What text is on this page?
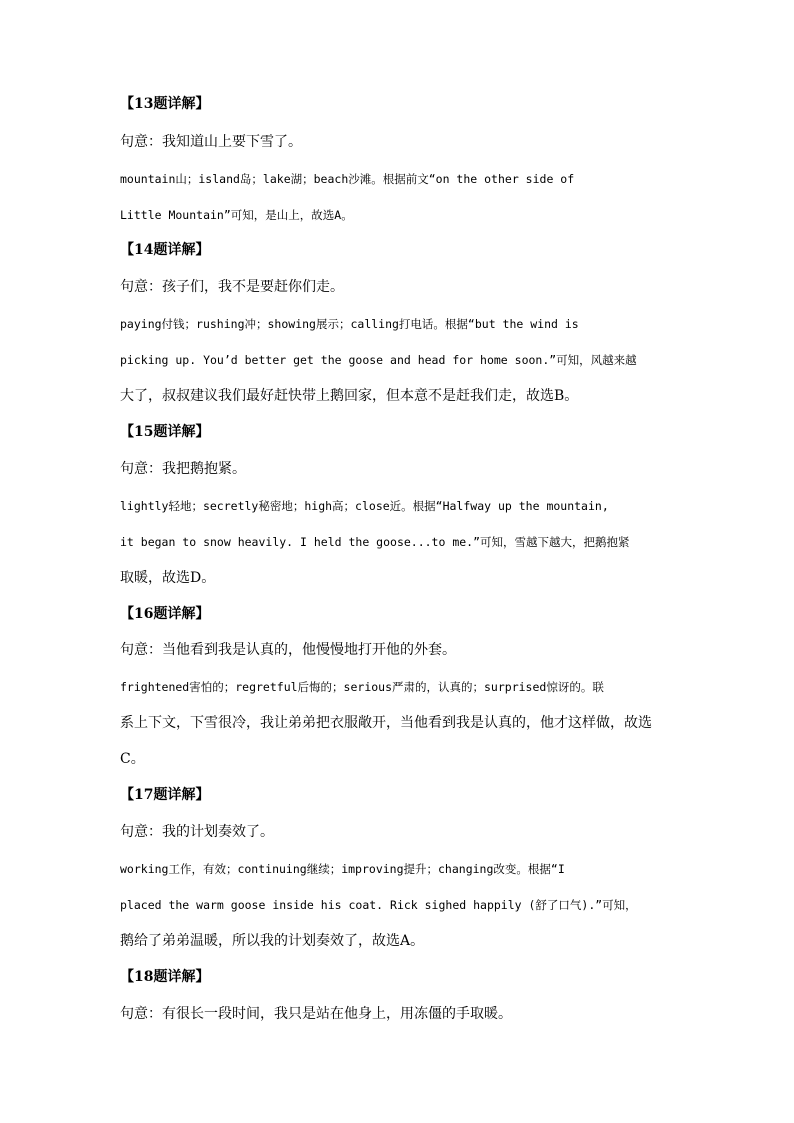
【13题详解】
句意：我知道山上要下雪了。
mountain山；island岛；lake湖；beach沙滩。根据前文“on the other side of
Little Mountain”可知，是山上，故选A。
【14题详解】
句意：孩子们，我不是要赶你们走。
paying付钱；rushing冲；showing展示；calling打电话。根据“but the wind is
picking up. You’d better get the goose and head for home soon.”可知，风越来越
大了，叔叔建议我们最好赶快带上鹅回家，但本意不是赶我们走，故选B。
【15题详解】
句意：我把鹅抱紧。
lightly轻地；secretly秘密地；high高；close近。根据“Halfway up the mountain,
it began to snow heavily. I held the goose...to me.”可知，雪越下越大，把鹅抱紧
取暖，故选D。
【16题详解】
句意：当他看到我是认真的，他慢慢地打开他的外套。
frightened害怕的；regretful后悔的；serious严肃的，认真的；surprised惊讶的。联
系上下文，下雪很冷，我让弟弟把衣服敞开，当他看到我是认真的，他才这样做，故选
C。
【17题详解】
句意：我的计划奏效了。
working工作，有效；continuing继续；improving提升；changing改变。根据“I
placed the warm goose inside his coat. Rick sighed happily (舒了口气).”可知，
鹅给了弟弟温暖，所以我的计划奏效了，故选A。
【18题详解】
句意：有很长一段时间，我只是站在他身上，用冻僵的手取暖。
